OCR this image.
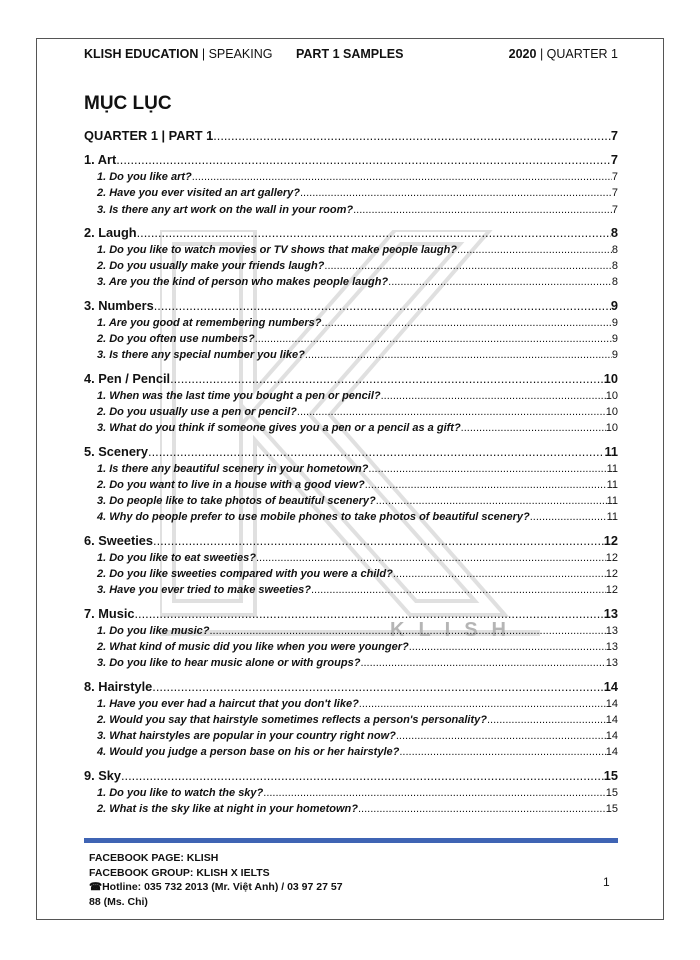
KLISH EDUCATION | SPEAKING PART 1 SAMPLES	2020 | QUARTER 1
KLISH
MỤC LỤC
QUARTER 1 | PART 1 .....	7
1. Art .....	7
1. Do you like art? .....	7
2. Have you ever visited an art gallery? .....	7
3. Is there any art work on the wall in your room? .....	7
2. Laugh .....	8
1. Do you like to watch movies or TV shows that make people laugh? .....	8
2. Do you usually make your friends laugh? .....	8
3. Are you the kind of person who makes people laugh? .....	8
3. Numbers .....	9
1. Are you good at remembering numbers? .....	9
2. Do you often use numbers? .....	9
3. Is there any special number you like? .....	9
4. Pen / Pencil .....	10
1. When was the last time you bought a pen or pencil? .....	10
2. Do you usually use a pen or pencil? .....	10
3. What do you think if someone gives you a pen or a pencil as a gift? .....	10
5. Scenery .....	11
1. Is there any beautiful scenery in your hometown? .....	11
2. Do you want to live in a house with a good view? .....	11
3. Do people like to take photos of beautiful scenery? .....	11
4. Why do people prefer to use mobile phones to take photos of beautiful scenery? .....	11
6. Sweeties .....	12
1. Do you like to eat sweeties? .....	12
2. Do you like sweeties compared with you were a child? .....	12
3. Have you ever tried to make sweeties? .....	12
7. Music .....	13
1. Do you like music? .....	13
2. What kind of music did you like when you were younger? .....	13
3. Do you like to hear music alone or with groups? .....	13
8. Hairstyle .....	14
1. Have you ever had a haircut that you don't like? .....	14
2. Would you say that hairstyle sometimes reflects a person's personality? .....	14
3. What hairstyles are popular in your country right now? .....	14
4. Would you judge a person base on his or her hairstyle? .....	14
9. Sky .....	15
1. Do you like to watch the sky? .....	15
2. What is the sky like at night in your hometown? .....	15
FACEBOOK PAGE: KLISH
FACEBOOK GROUP: KLISH X IELTS
☎Hotline: 035 732 2013 (Mr. Việt Anh) / 03 97 27 57 88 (Ms. Chi)
1
